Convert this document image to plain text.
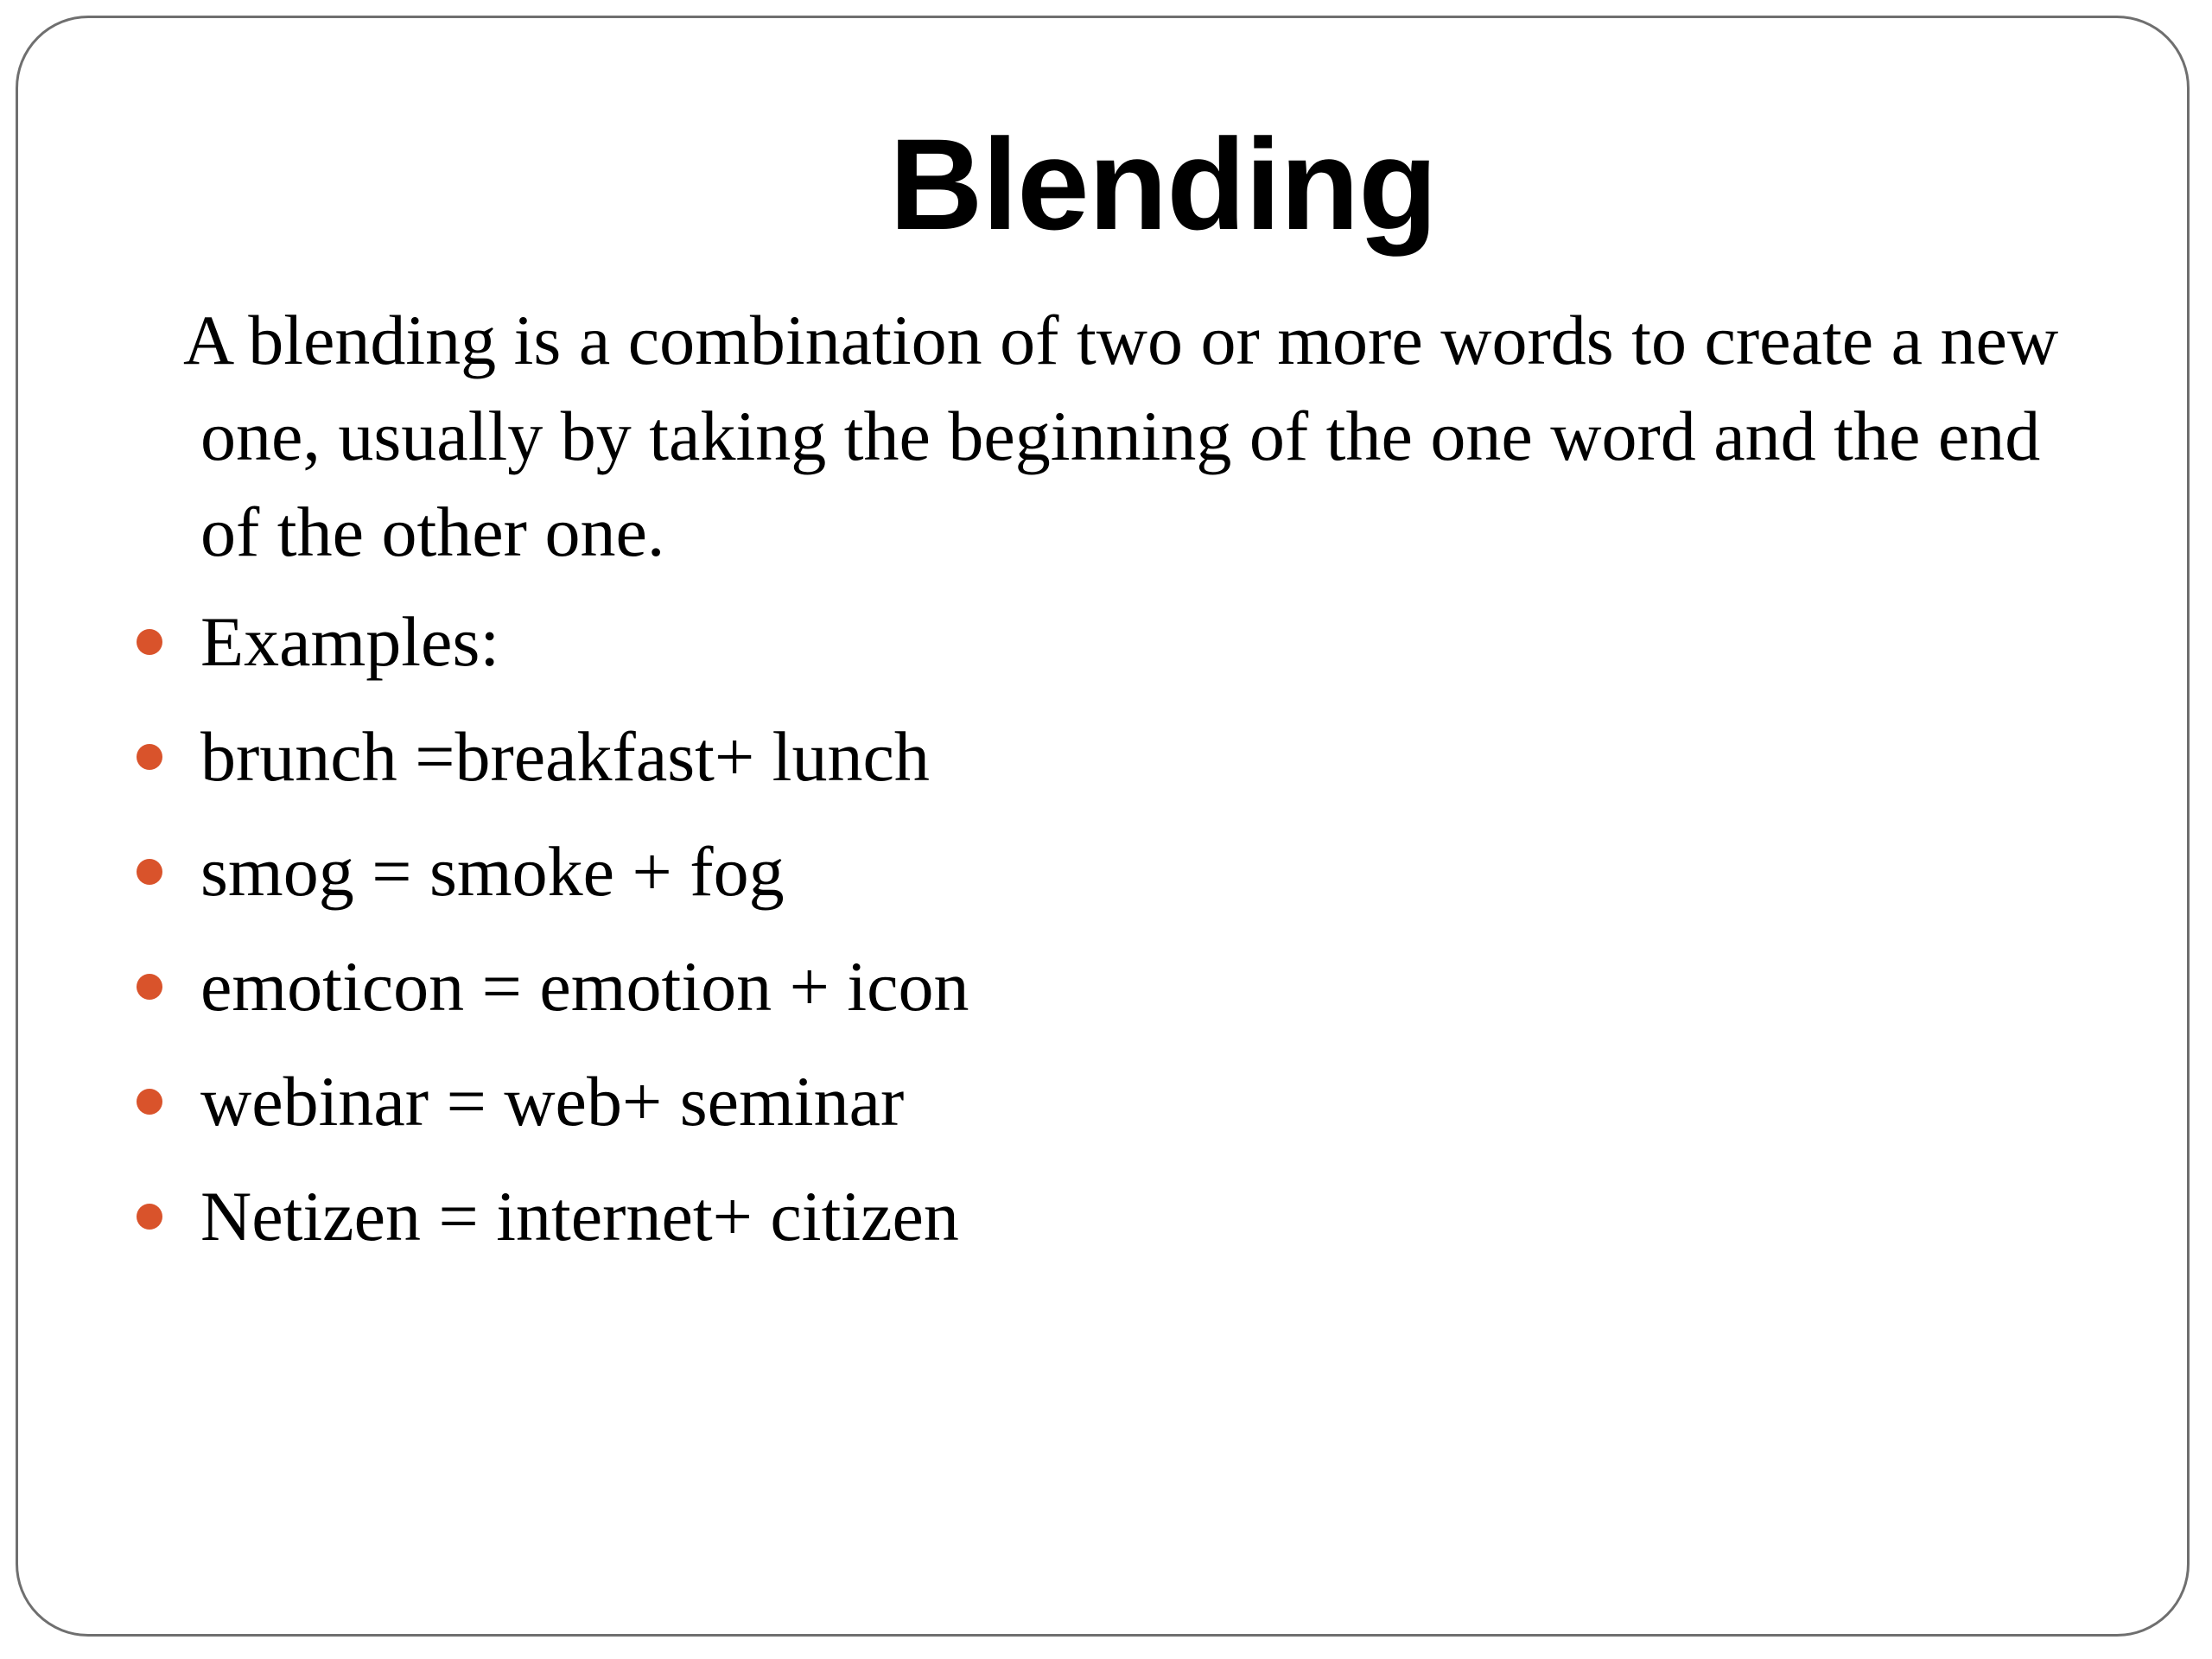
Blending
A blending is a combination of two or more words to create a new one, usually by taking the beginning of the one word and the end of the other one.
Examples:
brunch =breakfast+ lunch
smog = smoke + fog
emoticon = emotion + icon
webinar = web+ seminar
Netizen = internet+ citizen
